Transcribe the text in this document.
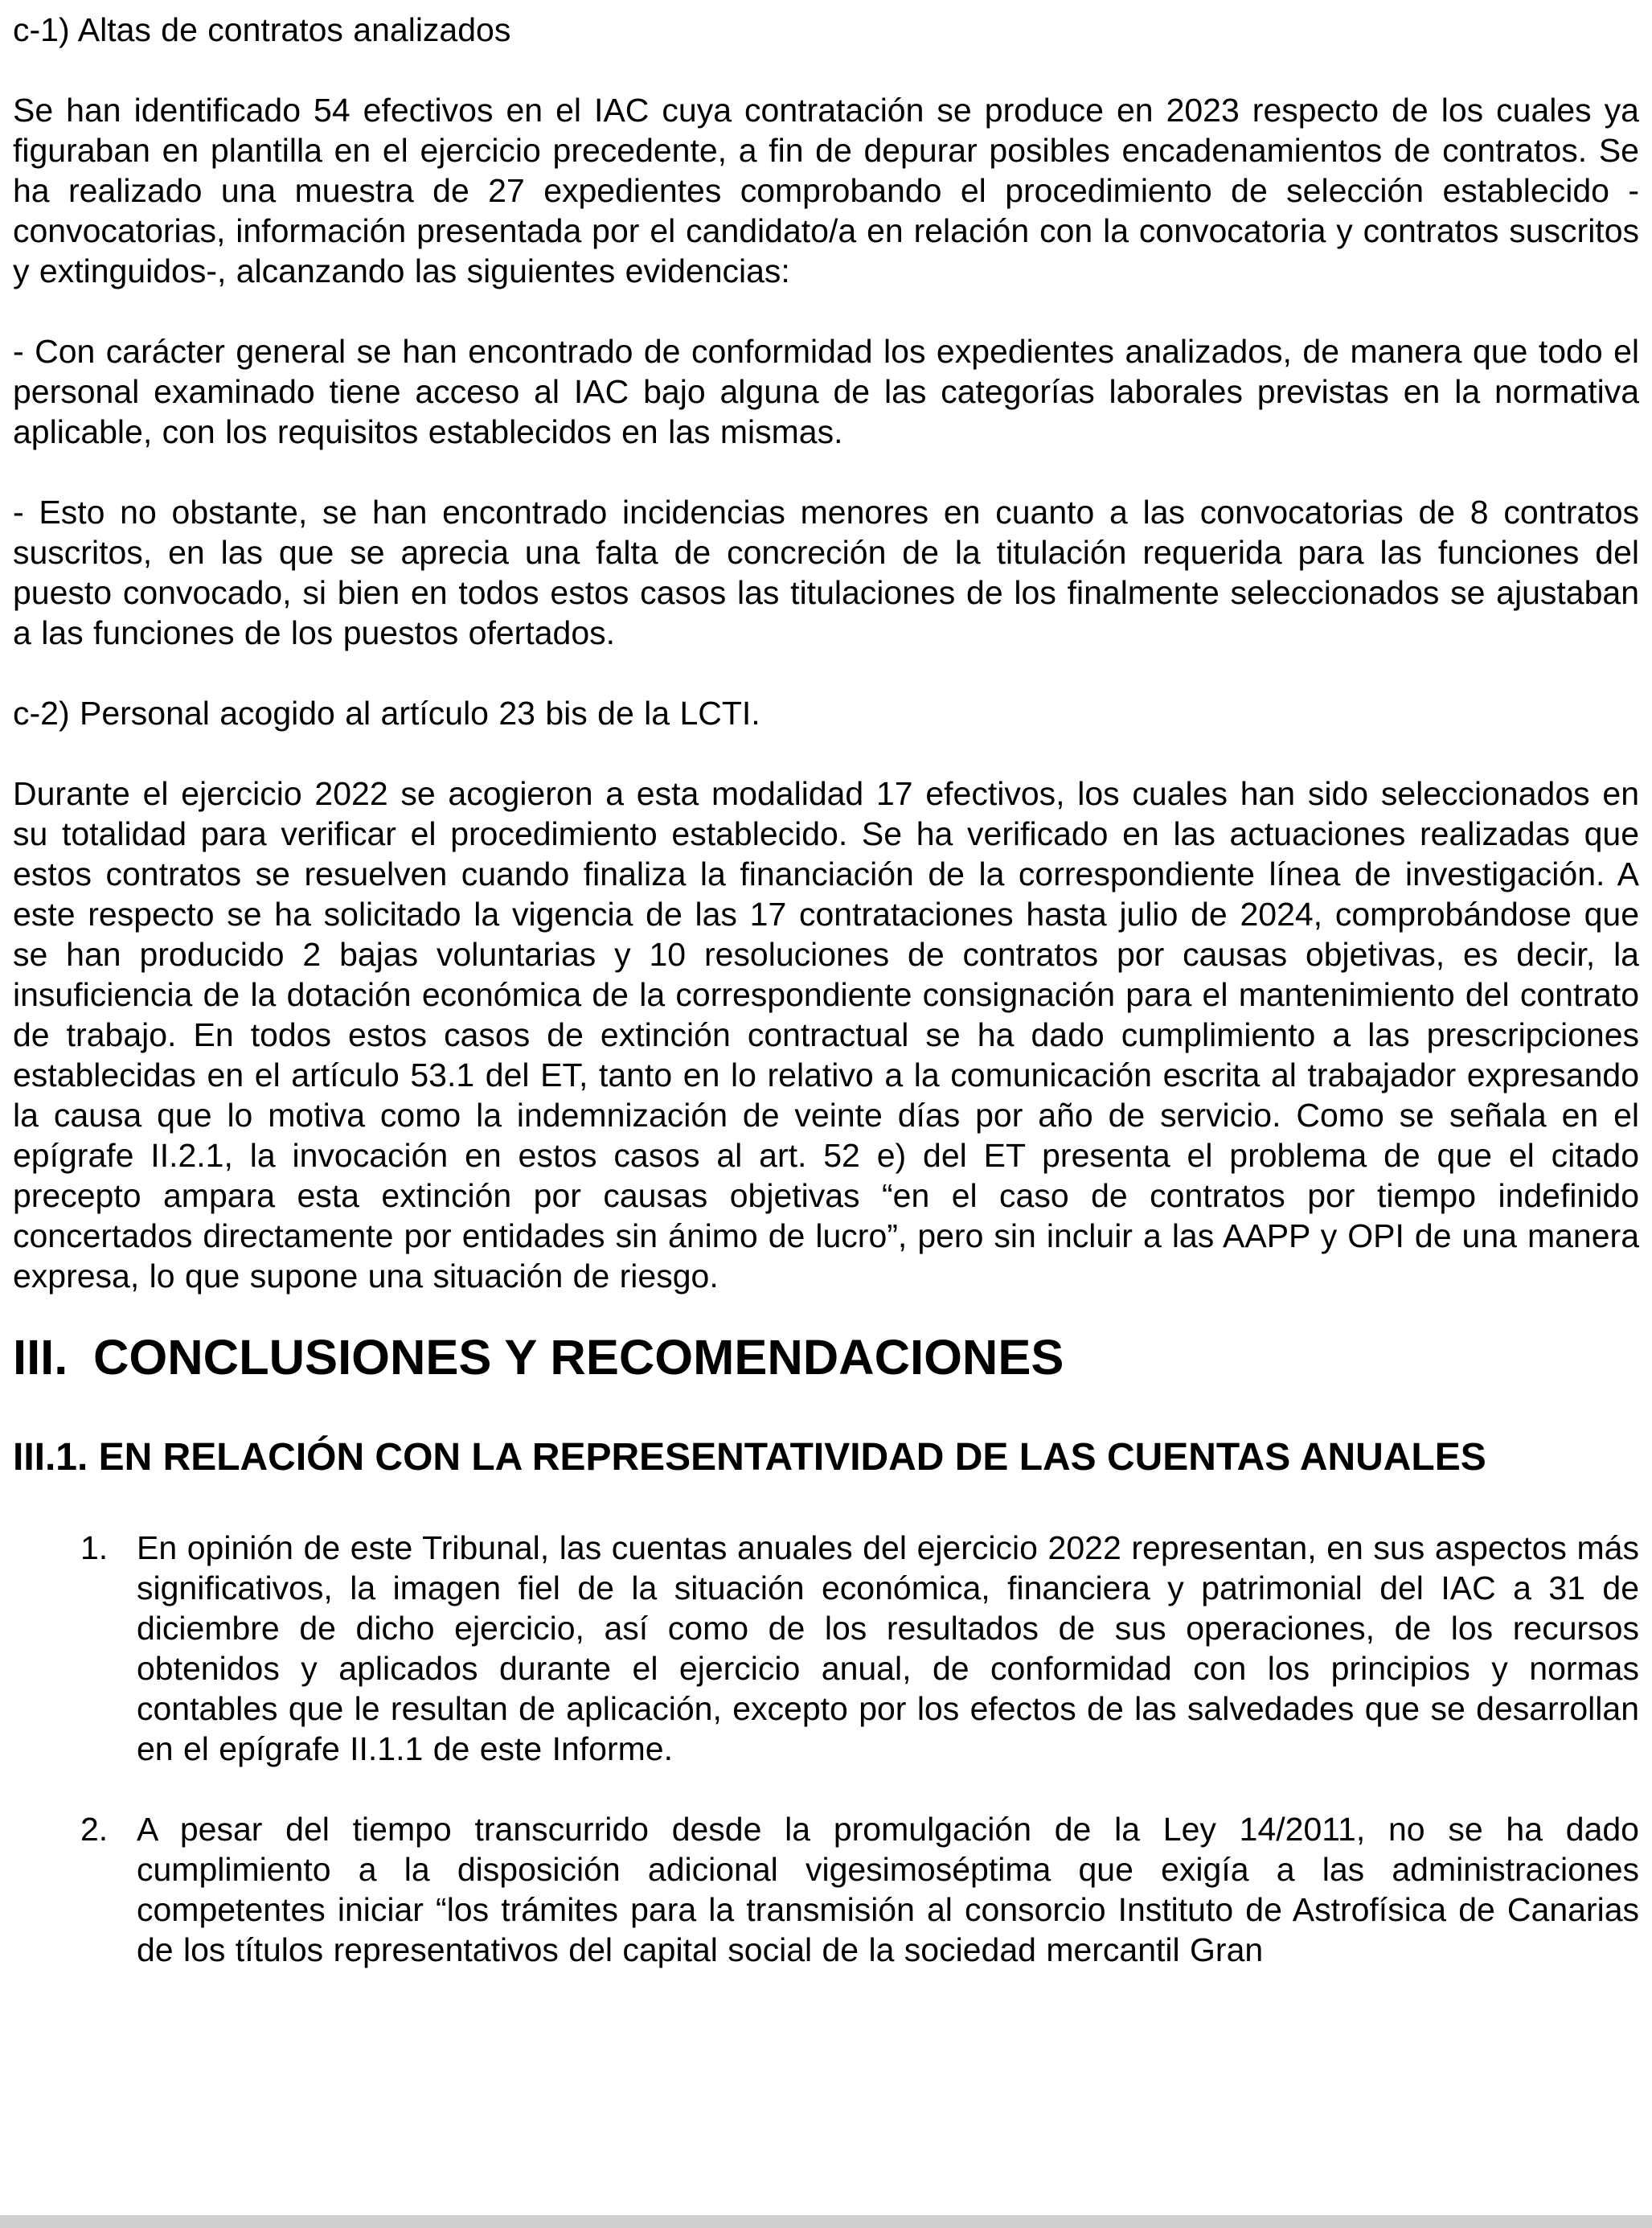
c-1) Altas de contratos analizados

Se han identificado 54 efectivos en el IAC cuya contratación se produce en 2023 respecto de los cuales ya figuraban en plantilla en el ejercicio precedente, a fin de depurar posibles encadenamientos de contratos. Se ha realizado una muestra de 27 expedientes comprobando el procedimiento de selección establecido -convocatorias, información presentada por el candidato/a en relación con la convocatoria y contratos suscritos y extinguidos-, alcanzando las siguientes evidencias:

- Con carácter general se han encontrado de conformidad los expedientes analizados, de manera que todo el personal examinado tiene acceso al IAC bajo alguna de las categorías laborales previstas en la normativa aplicable, con los requisitos establecidos en las mismas.

- Esto no obstante, se han encontrado incidencias menores en cuanto a las convocatorias de 8 contratos suscritos, en las que se aprecia una falta de concreción de la titulación requerida para las funciones del puesto convocado, si bien en todos estos casos las titulaciones de los finalmente seleccionados se ajustaban a las funciones de los puestos ofertados.

c-2) Personal acogido al artículo 23 bis de la LCTI.

Durante el ejercicio 2022 se acogieron a esta modalidad 17 efectivos, los cuales han sido seleccionados en su totalidad para verificar el procedimiento establecido. Se ha verificado en las actuaciones realizadas que estos contratos se resuelven cuando finaliza la financiación de la correspondiente línea de investigación. A este respecto se ha solicitado la vigencia de las 17 contrataciones hasta julio de 2024, comprobándose que se han producido 2 bajas voluntarias y 10 resoluciones de contratos por causas objetivas, es decir, la insuficiencia de la dotación económica de la correspondiente consignación para el mantenimiento del contrato de trabajo. En todos estos casos de extinción contractual se ha dado cumplimiento a las prescripciones establecidas en el artículo 53.1 del ET, tanto en lo relativo a la comunicación escrita al trabajador expresando la causa que lo motiva como la indemnización de veinte días por año de servicio. Como se señala en el epígrafe II.2.1, la invocación en estos casos al art. 52 e) del ET presenta el problema de que el citado precepto ampara esta extinción por causas objetivas “en el caso de contratos por tiempo indefinido concertados directamente por entidades sin ánimo de lucro”, pero sin incluir a las AAPP y OPI de una manera expresa, lo que supone una situación de riesgo.

III. CONCLUSIONES Y RECOMENDACIONES
III.1. EN RELACIÓN CON LA REPRESENTATIVIDAD DE LAS CUENTAS ANUALES
1. En opinión de este Tribunal, las cuentas anuales del ejercicio 2022 representan, en sus aspectos más significativos, la imagen fiel de la situación económica, financiera y patrimonial del IAC a 31 de diciembre de dicho ejercicio, así como de los resultados de sus operaciones, de los recursos obtenidos y aplicados durante el ejercicio anual, de conformidad con los principios y normas contables que le resultan de aplicación, excepto por los efectos de las salvedades que se desarrollan en el epígrafe II.1.1 de este Informe.
2. A pesar del tiempo transcurrido desde la promulgación de la Ley 14/2011, no se ha dado cumplimiento a la disposición adicional vigesimoséptima que exigía a las administraciones competentes iniciar “los trámites para la transmisión al consorcio Instituto de Astrofísica de Canarias de los títulos representativos del capital social de la sociedad mercantil Gran
